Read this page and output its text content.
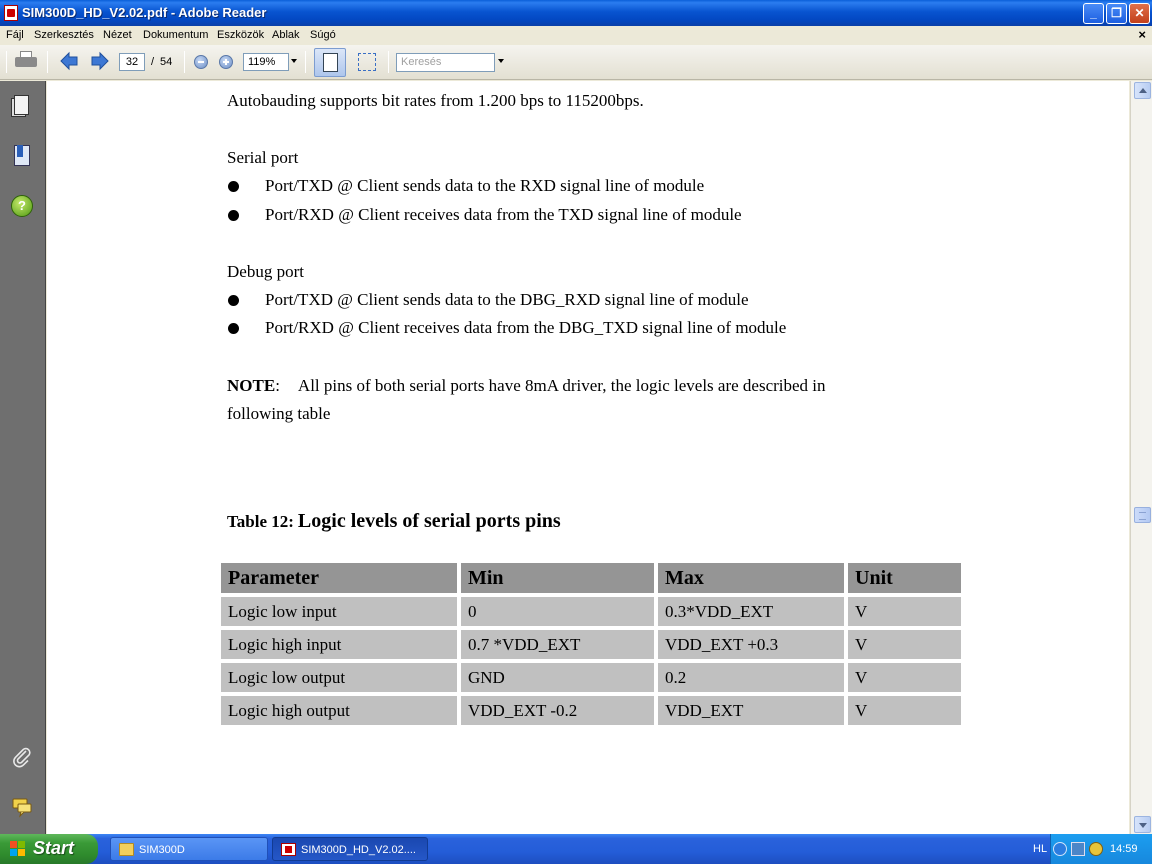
SIM300D_HD_V2.02.pdf - Adobe Reader	_	❐	✕
Fájl Szerkesztés Nézet Dokumentum Eszközök Ablak Súgó	×
32	/ 54	119%	Keresés
?
Autobauding supports bit rates from 1.200 bps to 115200bps.
Serial port
Port/TXD @ Client sends data to the RXD signal line of module
Port/RXD @ Client receives data from the TXD signal line of module
Debug port
Port/TXD @ Client sends data to the DBG_RXD signal line of module
Port/RXD @ Client receives data from the DBG_TXD signal line of module
NOTE: All pins of both serial ports have 8mA driver, the logic levels are described in
following table
Table 12: Logic levels of serial ports pins
Parameter	Min	Max	Unit
Logic low input	0	0.3*VDD_EXT	V
Logic high input	0.7 *VDD_EXT	VDD_EXT +0.3	V
Logic low output	GND	0.2	V
Logic high output	VDD_EXT -0.2	VDD_EXT	V
Start	SIM300D	SIM300D_HD_V2.02....	HL	14:59
